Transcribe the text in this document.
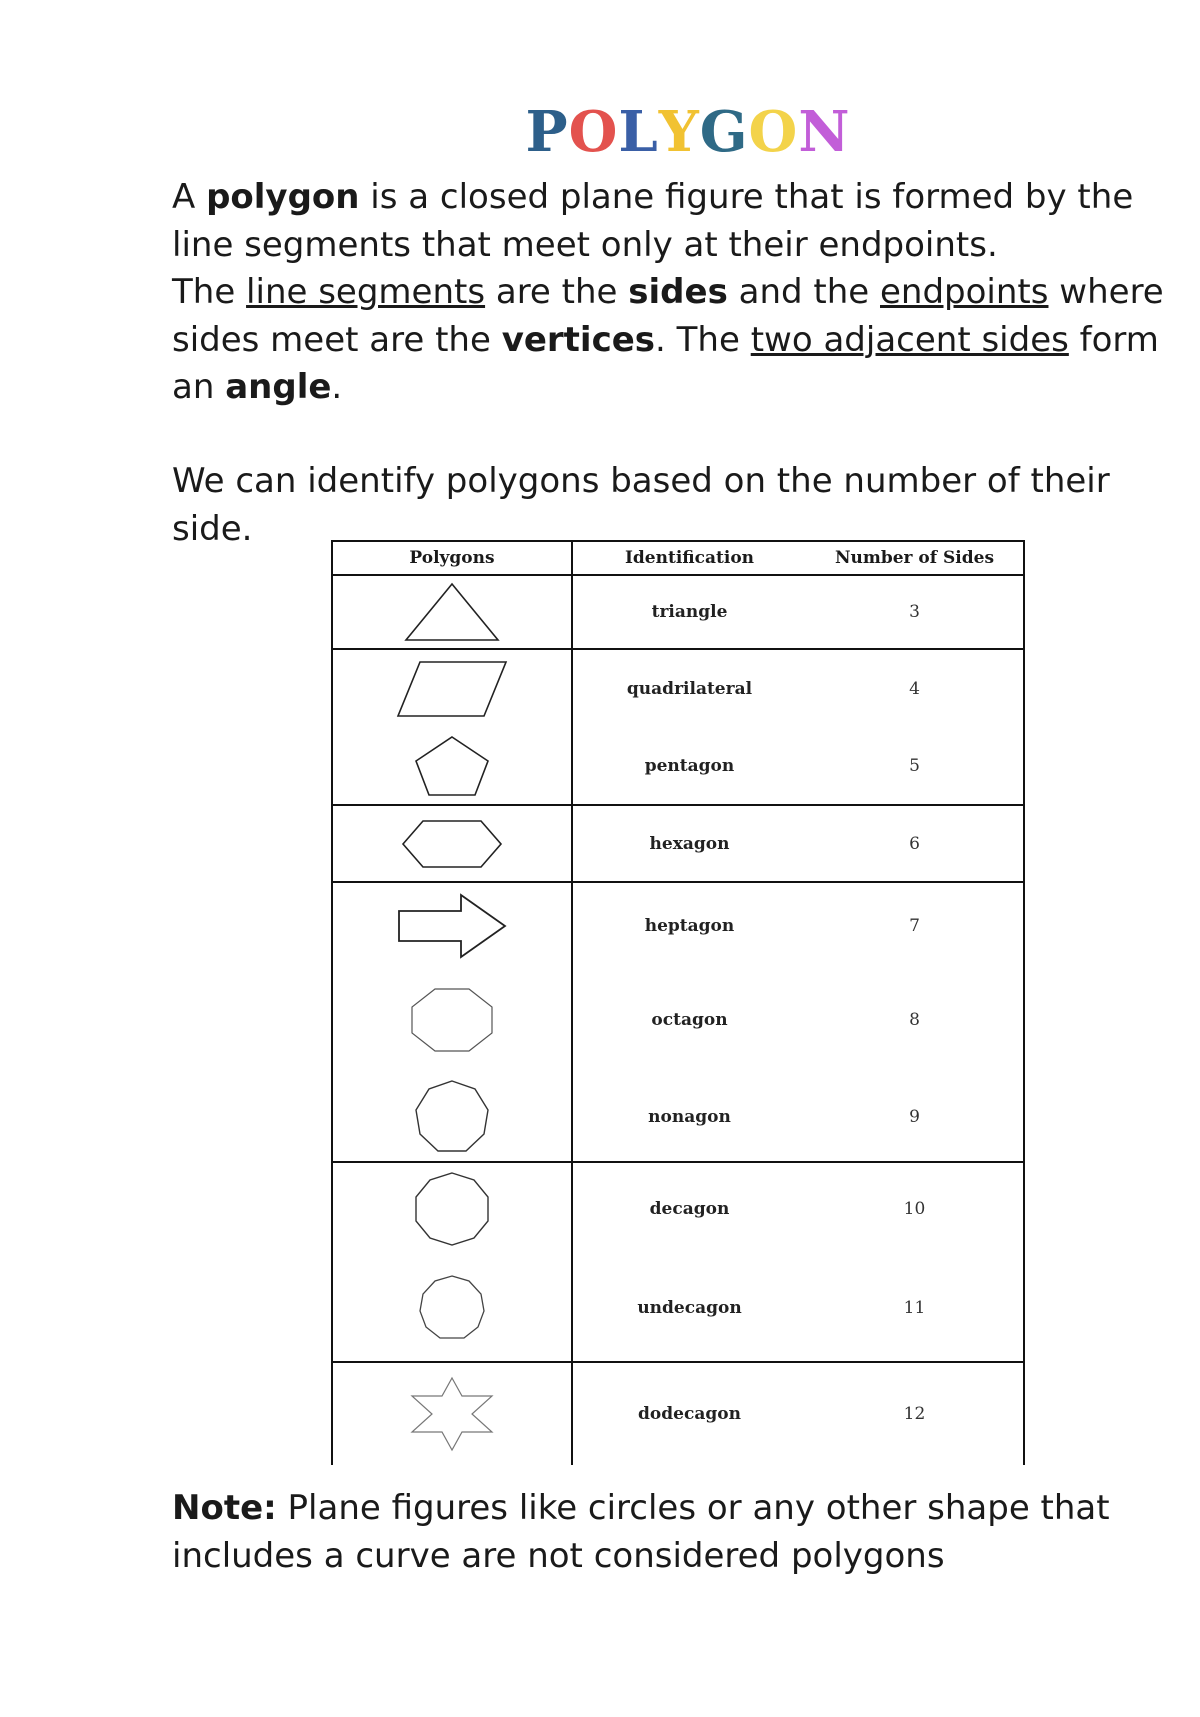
POLYGON

A polygon is a closed plane figure that is formed by the line segments that meet only at their endpoints.
The line segments are the sides and the endpoints where sides meet are the vertices. The two adjacent sides form an angle.

We can identify polygons based on the number of their side.

Polygons	Identification	Number of Sides

	triangle	3

	quadrilateral	4

	pentagon	5

	hexagon	6

	heptagon	7

	octagon	8

	nonagon	9

	decagon	10

	undecagon	11

	dodecagon	12

Note: Plane figures like circles or any other shape that includes a curve are not considered polygons
